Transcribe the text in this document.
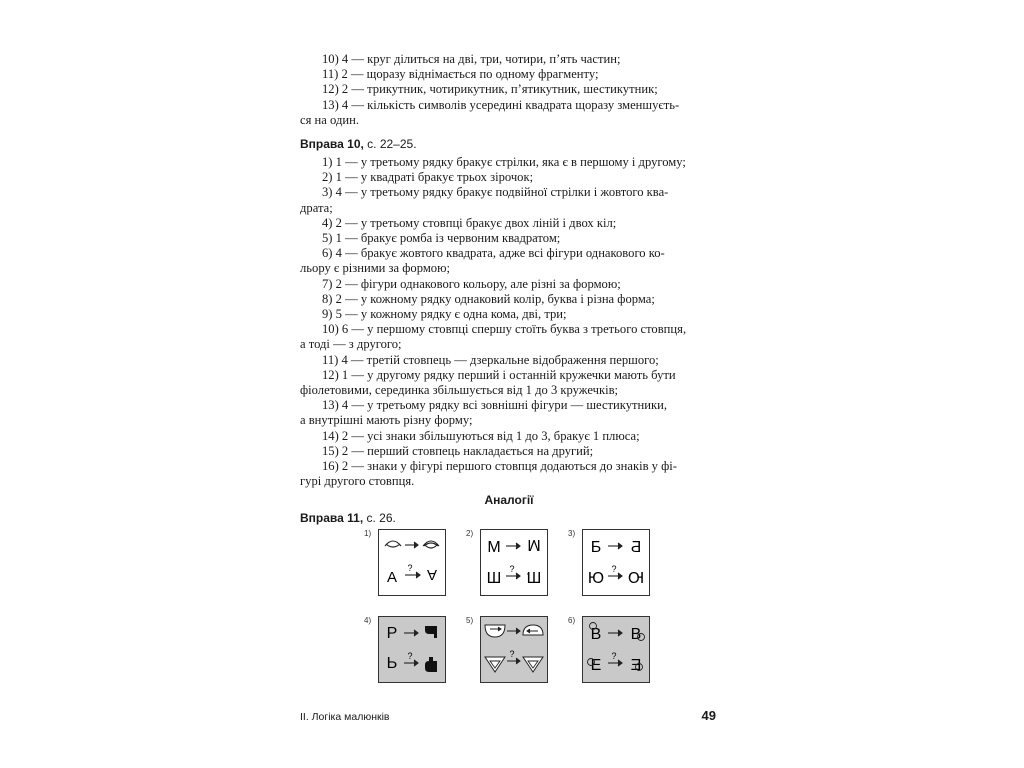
10) 4 — круг ділиться на дві, три, чотири, п’ять частин;

11) 2 — щоразу віднімається по одному фрагменту;

12) 2 — трикутник, чотирикутник, п’ятикутник, шестикутник;

13) 4 — кількість символів усередині квадрата щоразу зменшуєть-

ся на один.

Вправа 10, с. 22–25.

1) 1 — у третьому рядку бракує стрілки, яка є в першому і другому;

2) 1 — у квадраті бракує трьох зірочок;

3) 4 — у третьому рядку бракує подвійної стрілки і жовтого ква-

драта;

4) 2 — у третьому стовпці бракує двох ліній і двох кіл;

5) 1 — бракує ромба із червоним квадратом;

6) 4 — бракує жовтого квадрата, адже всі фігури однакового ко-

льору є різними за формою;

7) 2 — фігури однакового кольору, але різні за формою;

8) 2 — у кожному рядку однаковий колір, буква і різна форма;

9) 5 — у кожному рядку є одна кома, дві, три;

10) 6 — у першому стовпці спершу стоїть буква з третього стовпця,

а тоді — з другого;

11) 4 — третій стовпець — дзеркальне відображення першого;

12) 1 — у другому рядку перший і останній кружечки мають бути

фіолетовими, серединка збільшується від 1 до 3 кружечків;

13) 4 — у третьому рядку всі зовнішні фігури — шестикутники,

а внутрішні мають різну форму;

14) 2 — усі знаки збільшуються від 1 до 3, бракує 1 плюса;

15) 2 — перший стовпець накладається на другий;

16) 2 — знаки у фігурі першого стовпця додаються до знаків у фі-

гурі другого стовпця.

Аналогії

Вправа 11, с. 26.

1)
?
А А
2)
М М
?
Ш Ш
3)
Б Б
?
Ю Ю
4)
Р
?
Р
5)
?
6)
В В
?
Е Е
ІІ. Логіка малюнків	49
